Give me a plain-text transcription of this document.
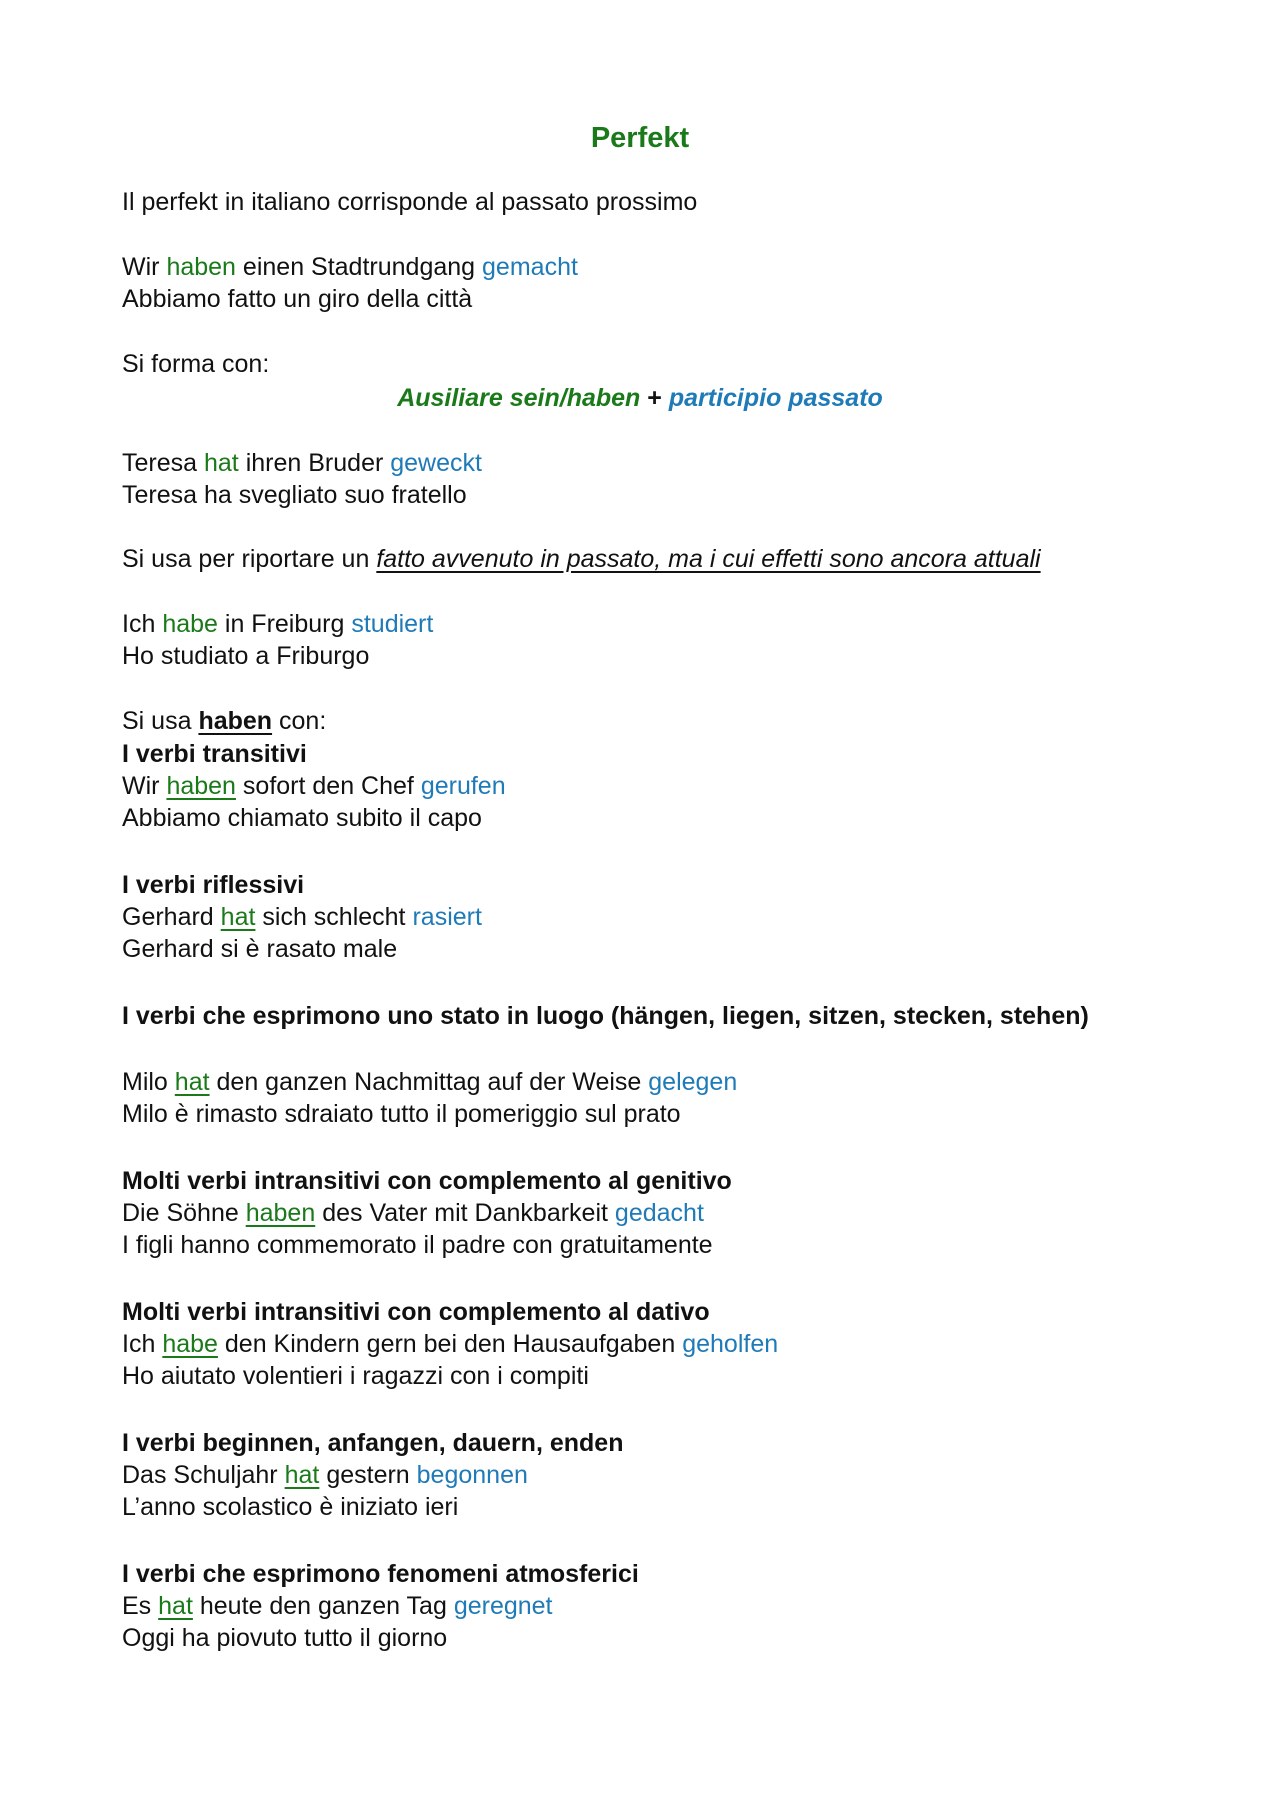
Perfekt
Il perfekt in italiano corrisponde al passato prossimo
Wir haben einen Stadtrundgang gemacht
Abbiamo fatto un giro della città
Si forma con:
Ausiliare sein/haben + participio passato
Teresa hat ihren Bruder geweckt
Teresa ha svegliato suo fratello
Si usa per riportare un fatto avvenuto in passato, ma i cui effetti sono ancora attuali
Ich habe in Freiburg studiert
Ho studiato a Friburgo
Si usa haben con:
I verbi transitivi
Wir haben sofort den Chef gerufen
Abbiamo chiamato subito il capo
I verbi riflessivi
Gerhard hat sich schlecht rasiert
Gerhard si è rasato male
I verbi che esprimono uno stato in luogo (hängen, liegen, sitzen, stecken, stehen)
Milo hat den ganzen Nachmittag auf der Weise gelegen
Milo è rimasto sdraiato tutto il pomeriggio sul prato
Molti verbi intransitivi con complemento al genitivo
Die Söhne haben des Vater mit Dankbarkeit gedacht
I figli hanno commemorato il padre con gratuitamente
Molti verbi intransitivi con complemento al dativo
Ich habe den Kindern gern bei den Hausaufgaben geholfen
Ho aiutato volentieri i ragazzi con i compiti
I verbi beginnen, anfangen, dauern, enden
Das Schuljahr hat gestern begonnen
L’anno scolastico è iniziato ieri
I verbi che esprimono fenomeni atmosferici
Es hat heute den ganzen Tag geregnet
Oggi ha piovuto tutto il giorno
